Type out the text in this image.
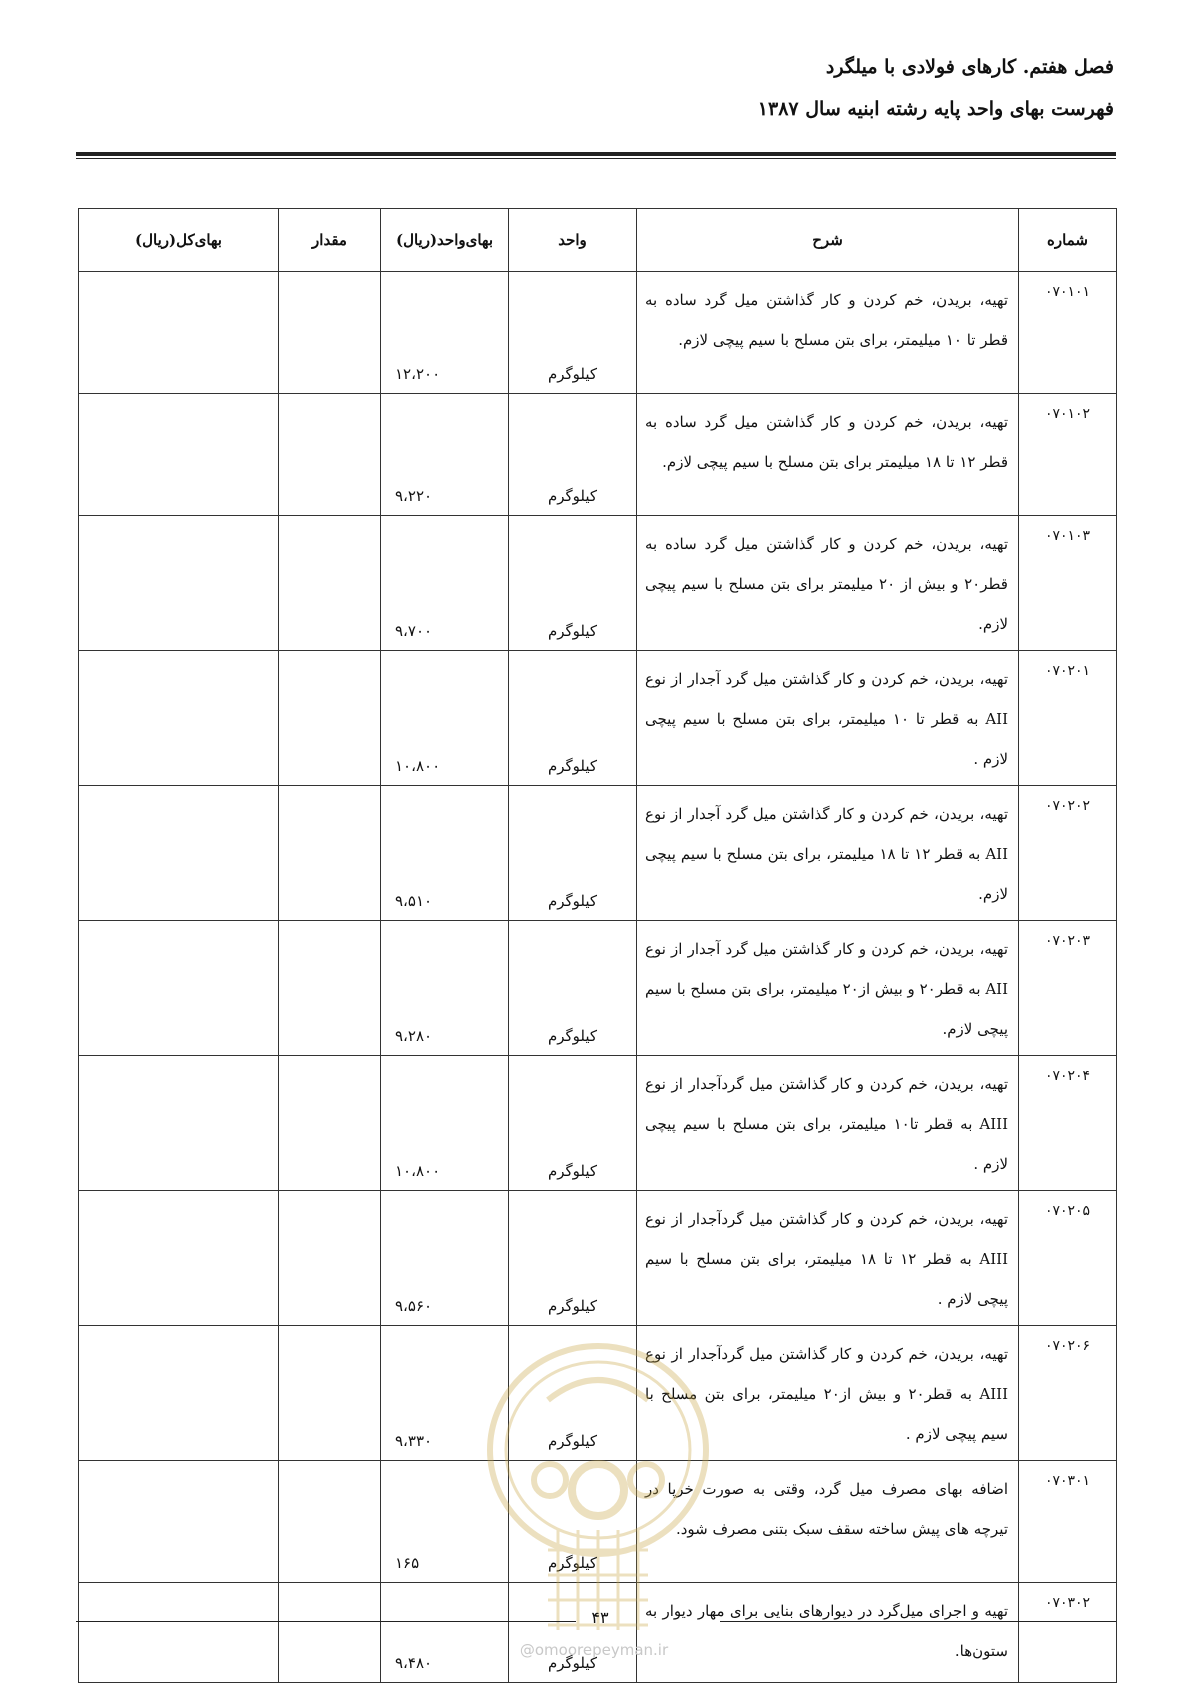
فصل هفتم. کارهای فولادی با میلگرد
فهرست بهای واحد پایه رشته ابنیه سال ۱۳۸۷
شماره	شرح	واحد	بهای‌واحد(ریال)	مقدار	بهای‌کل(ریال)
۰۷۰۱۰۱	تهیه، بریدن، خم کردن و کار گذاشتن میل گرد ساده به قطر تا ۱۰ میلیمتر، برای بتن مسلح با سیم پیچی لازم.	کیلوگرم	۱۲،۲۰۰		
۰۷۰۱۰۲	تهیه، بریدن، خم کردن و کار گذاشتن میل گرد ساده به قطر ۱۲ تا ۱۸ میلیمتر برای بتن مسلح با سیم پیچی لازم.	کیلوگرم	۹،۲۲۰		
۰۷۰۱۰۳	تهیه، بریدن، خم کردن و کار گذاشتن میل گرد ساده به قطر۲۰ و بیش از ۲۰ میلیمتر برای بتن مسلح با سیم پیچی لازم.	کیلوگرم	۹،۷۰۰		
۰۷۰۲۰۱	تهیه، بریدن، خم کردن و کار گذاشتن میل گرد آجدار از نوع AII به قطر تا ۱۰ میلیمتر، برای بتن مسلح با سیم پیچی لازم .	کیلوگرم	۱۰،۸۰۰		
۰۷۰۲۰۲	تهیه، بریدن، خم کردن و کار گذاشتن میل گرد آجدار از نوع AII به قطر ۱۲ تا ۱۸ میلیمتر، برای بتن مسلح با سیم پیچی لازم.	کیلوگرم	۹،۵۱۰		
۰۷۰۲۰۳	تهیه، بریدن، خم کردن و کار گذاشتن میل گرد آجدار از نوع AII به قطر۲۰ و بیش از۲۰ میلیمتر، برای بتن مسلح با سیم پیچی لازم.	کیلوگرم	۹،۲۸۰		
۰۷۰۲۰۴	تهیه، بریدن، خم کردن و کار گذاشتن میل گردآجدار از نوع AIII به قطر تا۱۰ میلیمتر، برای بتن مسلح با سیم پیچی لازم .	کیلوگرم	۱۰،۸۰۰		
۰۷۰۲۰۵	تهیه، بریدن، خم کردن و کار گذاشتن میل گردآجدار از نوع AIII به قطر ۱۲ تا ۱۸ میلیمتر، برای بتن مسلح با سیم پیچی لازم .	کیلوگرم	۹،۵۶۰		
۰۷۰۲۰۶	تهیه، بریدن، خم کردن و کار گذاشتن میل گردآجدار از نوع AIII به قطر۲۰ و بیش از۲۰ میلیمتر، برای بتن مسلح با سیم پیچی لازم .	کیلوگرم	۹،۳۳۰		
۰۷۰۳۰۱	اضافه بهای مصرف میل گرد، وقتی به صورت خرپا در تیرچه های پیش ساخته سقف سبک بتنی مصرف شود.	کیلوگرم	۱۶۵		
۰۷۰۳۰۲	تهیه و اجرای میل‌گرد در دیوارهای بنایی برای مهار دیوار به ستون‌ها.	کیلوگرم	۹،۴۸۰		
۴۳
@omoorepeyman.ir
